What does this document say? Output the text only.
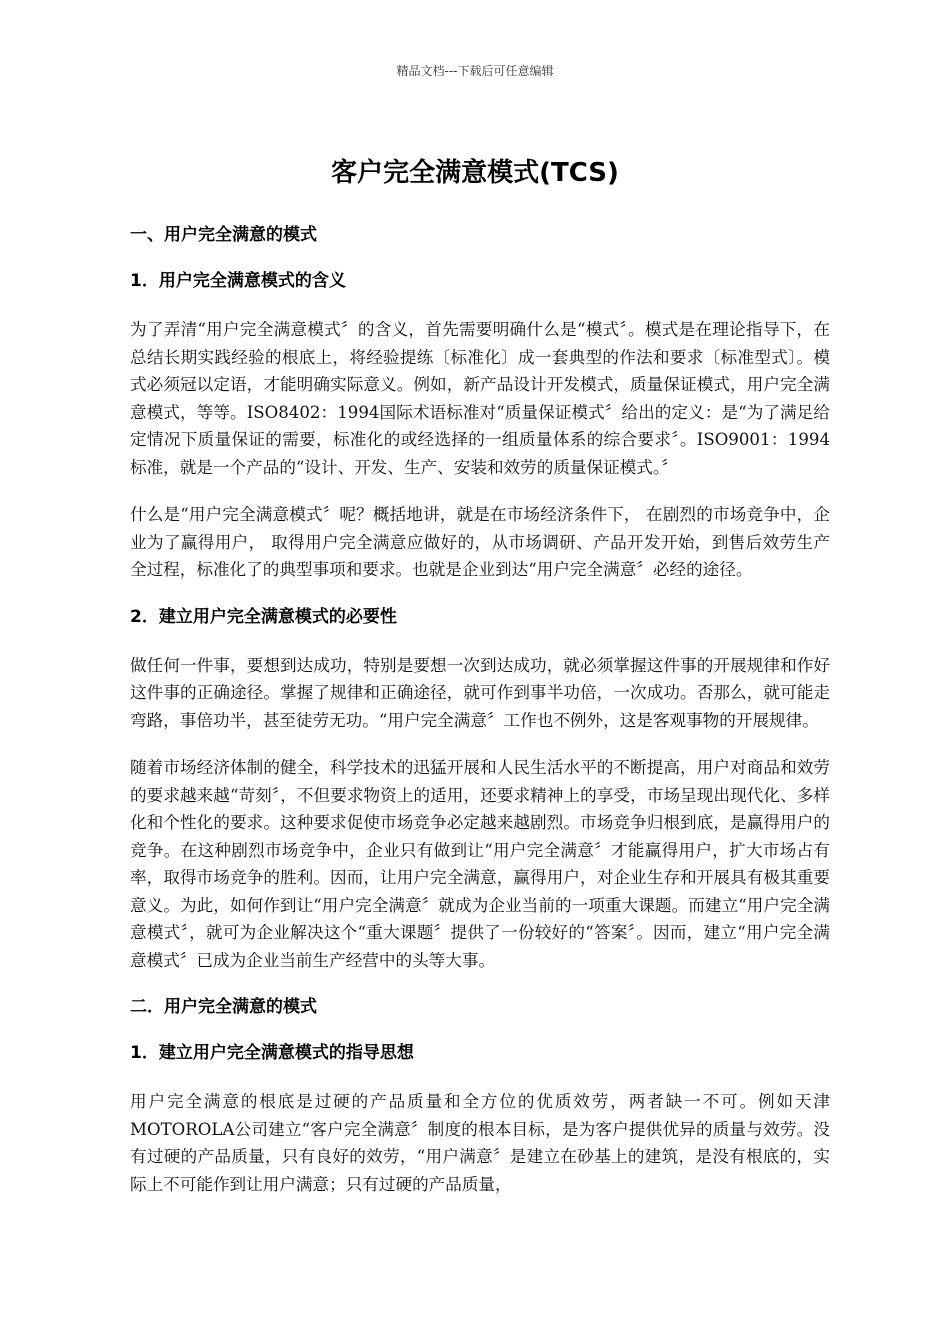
精品文档---下载后可任意编辑
客户完全满意模式(TCS)

一、用户完全满意的模式

1．用户完全满意模式的含义

为了弄清“用户完全满意模式〞的含义，首先需要明确什么是“模式〞。模式是在理论指导下，在总结长期实践经验的根底上，将经验提练〔标准化〕成一套典型的作法和要求〔标准型式〕。模式必须冠以定语，才能明确实际意义。例如，新产品设计开发模式，质量保证模式，用户完全满意模式，等等。ISO8402：1994国际术语标准对“质量保证模式〞给出的定义：是“为了满足给定情况下质量保证的需要，标准化的或经选择的一组质量体系的综合要求〞。ISO9001：1994标准，就是一个产品的“设计、开发、生产、安装和效劳的质量保证模式。〞

什么是“用户完全满意模式〞呢？概括地讲，就是在市场经济条件下， 在剧烈的市场竞争中，企业为了赢得用户， 取得用户完全满意应做好的，从市场调研、产品开发开始，到售后效劳生产全过程，标准化了的典型事项和要求。也就是企业到达“用户完全满意〞必经的途径。

2．建立用户完全满意模式的必要性

做任何一件事，要想到达成功，特别是要想一次到达成功，就必须掌握这件事的开展规律和作好这件事的正确途径。掌握了规律和正确途径，就可作到事半功倍，一次成功。否那么，就可能走弯路，事倍功半，甚至徒劳无功。“用户完全满意〞工作也不例外，这是客观事物的开展规律。

随着市场经济体制的健全，科学技术的迅猛开展和人民生活水平的不断提高，用户对商品和效劳的要求越来越“苛刻〞，不但要求物资上的适用，还要求精神上的享受，市场呈现出现代化、多样化和个性化的要求。这种要求促使市场竞争必定越来越剧烈。市场竞争归根到底，是赢得用户的竞争。在这种剧烈市场竞争中，企业只有做到让“用户完全满意〞才能赢得用户，扩大市场占有率，取得市场竞争的胜利。因而，让用户完全满意，赢得用户，对企业生存和开展具有极其重要意义。为此，如何作到让“用户完全满意〞就成为企业当前的一项重大课题。而建立“用户完全满意模式〞，就可为企业解决这个“重大课题〞提供了一份较好的“答案〞。因而，建立“用户完全满意模式〞已成为企业当前生产经营中的头等大事。

二．用户完全满意的模式

1．建立用户完全满意模式的指导思想

用户完全满意的根底是过硬的产品质量和全方位的优质效劳，两者缺一不可。例如天津MOTOROLA公司建立“客户完全满意〞制度的根本目标，是为客户提供优异的质量与效劳。没有过硬的产品质量，只有良好的效劳，“用户满意〞是建立在砂基上的建筑，是没有根底的，实际上不可能作到让用户满意；只有过硬的产品质量，
